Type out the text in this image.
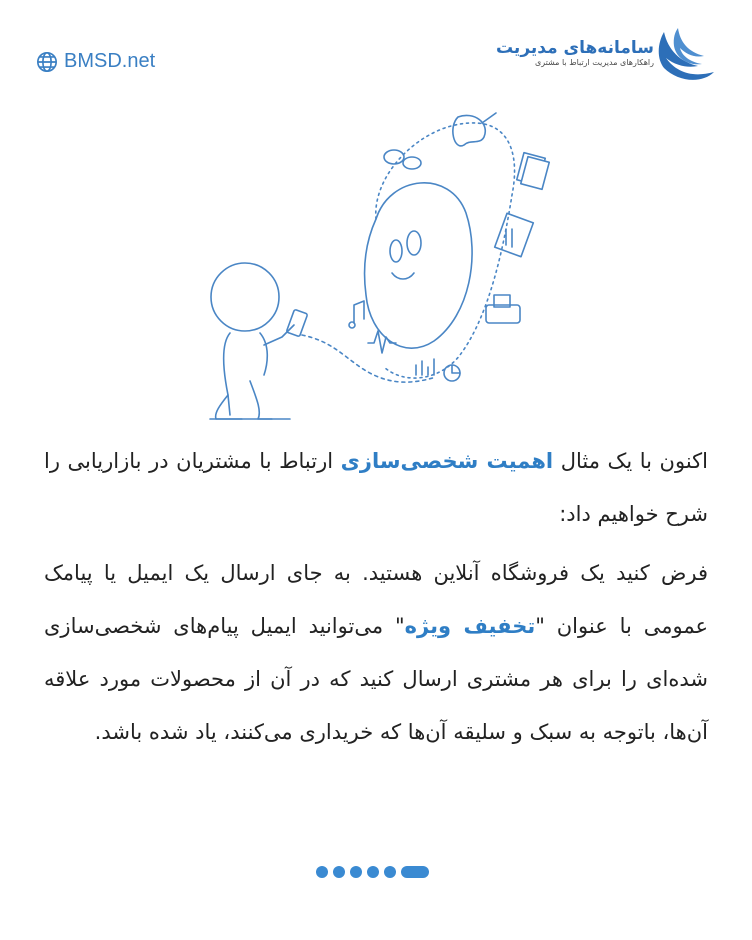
BMSD.net
سامانه‌های مدیریت
راهکارهای مدیریت ارتباط با مشتری

اکنون با یک مثال اهمیت شخصی‌سازی ارتباط با مشتریان در بازاریابی را شرح خواهیم داد:

فرض کنید یک فروشگاه آنلاین هستید. به جای ارسال یک ایمیل یا پیامک عمومی با عنوان "تخفیف ویژه" می‌توانید ایمیل پیام‌های شخصی‌سازی شده‌ای را برای هر مشتری ارسال کنید که در آن از محصولات مورد علاقه آن‌ها، باتوجه به سبک و سلیقه آن‌ها که خریداری می‌کنند، یاد شده باشد.
